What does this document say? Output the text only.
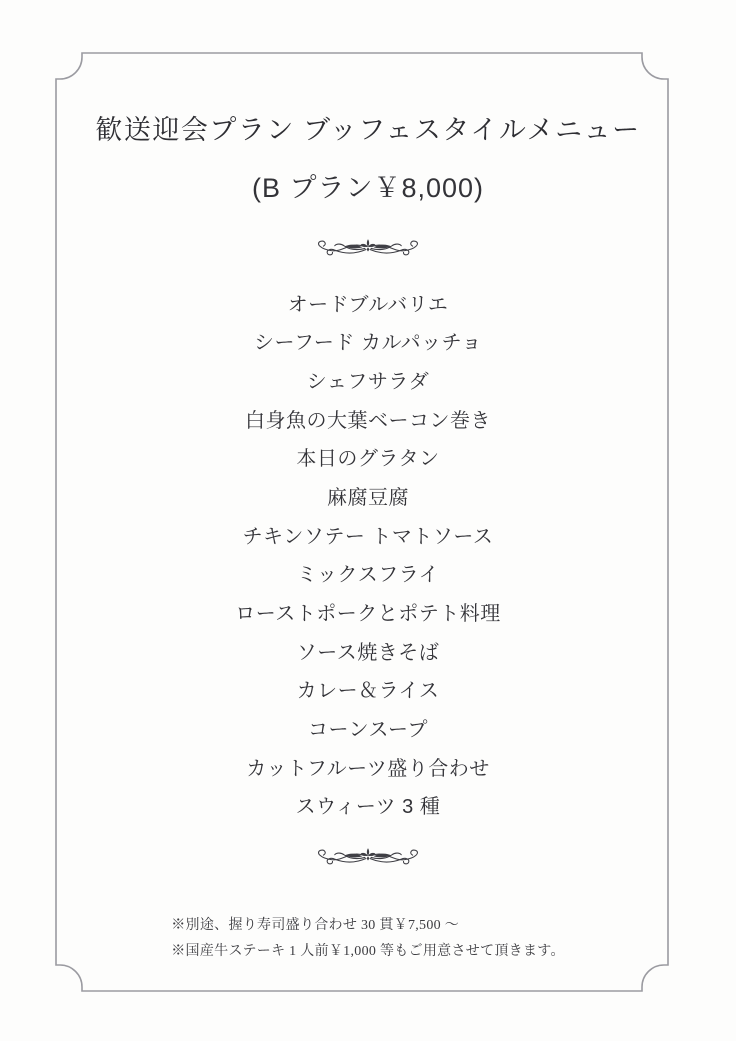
歓送迎会プラン ブッフェスタイルメニュー
(B プラン￥8,000)
オードブルバリエ
シーフード カルパッチョ
シェフサラダ
白身魚の大葉ベーコン巻き
本日のグラタン
麻腐豆腐
チキンソテー トマトソース
ミックスフライ
ローストポークとポテト料理
ソース焼きそば
カレー＆ライス
コーンスープ
カットフルーツ盛り合わせ
スウィーツ 3 種
※別途、握り寿司盛り合わせ 30 貫￥7,500 ～
※国産牛ステーキ 1 人前￥1,000 等もご用意させて頂きます。
